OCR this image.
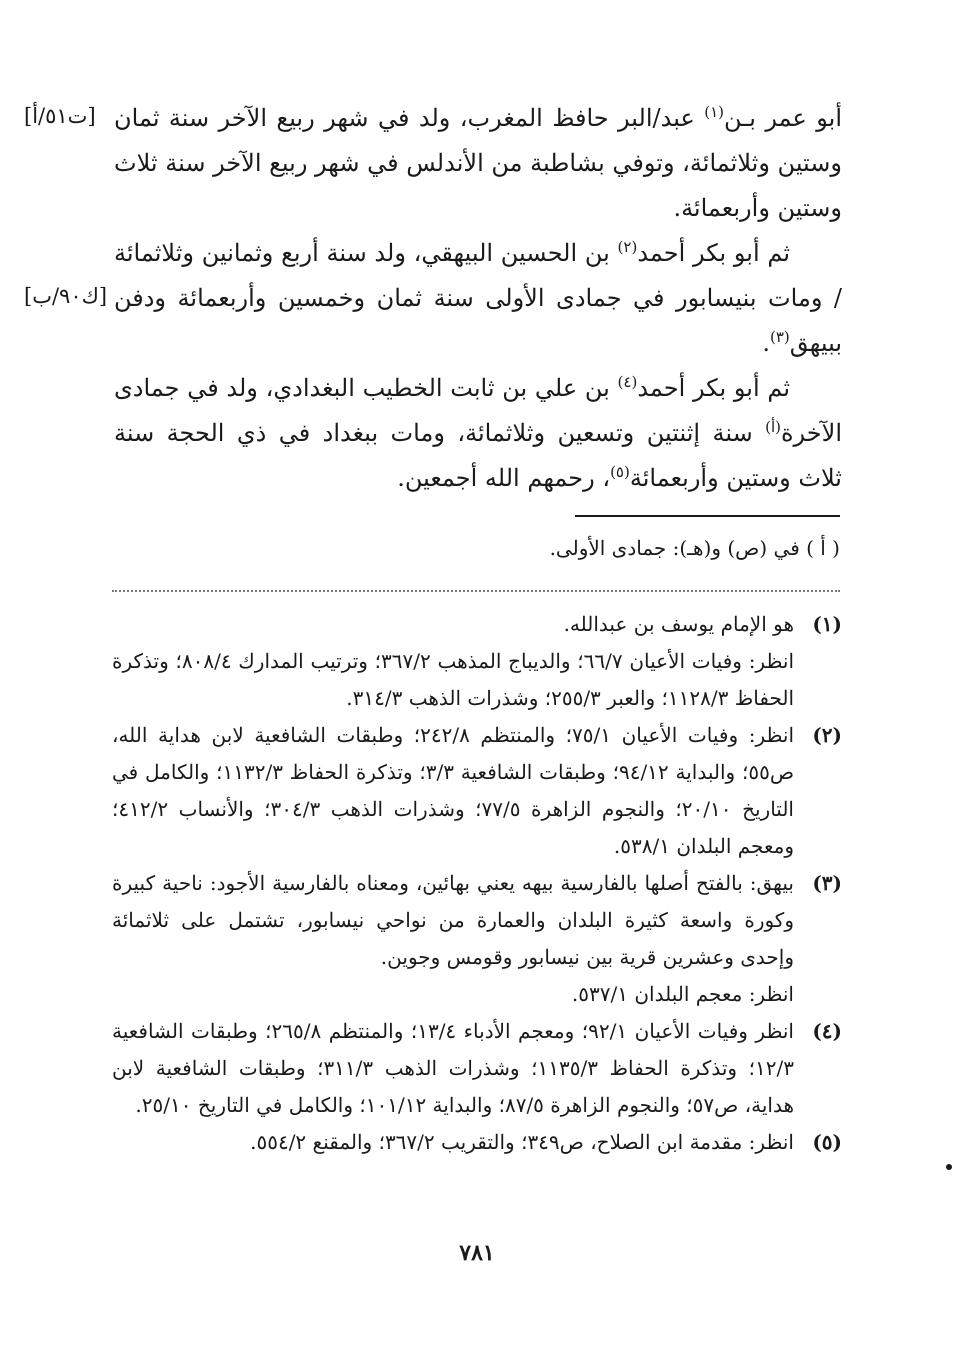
[ت٥١/أ]
[ك٩٠/ب]

أبو عمر بـن$^{(١)}$ عبد/البر حافظ المغرب، ولد في شهر ربيع الآخر سنة ثمان وستين وثلاثمائة، وتوفي بشاطبة من الأندلس في شهر ربيع الآخر سنة ثلاث وستين وأربعمائة.

ثم أبو بكر أحمد$^{(٢)}$ بن الحسين البيهقي، ولد سنة أربع وثمانين وثلاثمائة / ومات بنيسابور في جمادى الأولى سنة ثمان وخمسين وأربعمائة ودفن ببيهق$^{(٣)}$.

ثم أبو بكر أحمد$^{(٤)}$ بن علي بن ثابت الخطيب البغدادي، ولد في جمادى الآخرة$^{(أ)}$ سنة إثنتين وتسعين وثلاثمائة، ومات ببغداد في ذي الحجة سنة ثلاث وستين وأربعمائة$^{(٥)}$، رحمهم الله أجمعين.

( أ ) في (ص) و(هـ): جمادى الأولى.
(١)
هو الإمام يوسف بن عبدالله.
انظر: وفيات الأعيان ٦٦/٧؛ والديباج المذهب ٣٦٧/٢؛ وترتيب المدارك ٨٠٨/٤؛ وتذكرة الحفاظ ١١٢٨/٣؛ والعبر ٢٥٥/٣؛ وشذرات الذهب ٣١٤/٣.
(٢)
انظر: وفيات الأعيان ٧٥/١؛ والمنتظم ٢٤٢/٨؛ وطبقات الشافعية لابن هداية الله، ص٥٥؛ والبداية ٩٤/١٢؛ وطبقات الشافعية ٣/٣؛ وتذكرة الحفاظ ١١٣٢/٣؛ والكامل في التاريخ ٢٠/١٠؛ والنجوم الزاهرة ٧٧/٥؛ وشذرات الذهب ٣٠٤/٣؛ والأنساب ٤١٢/٢؛ ومعجم البلدان ٥٣٨/١.
(٣)
بيهق: بالفتح أصلها بالفارسية بيهه يعني بهائين، ومعناه بالفارسية الأجود: ناحية كبيرة وكورة واسعة كثيرة البلدان والعمارة من نواحي نيسابور، تشتمل على ثلاثمائة وإحدى وعشرين قرية بين نيسابور وقومس وجوين.
انظر: معجم البلدان ٥٣٧/١.
(٤)
انظر وفيات الأعيان ٩٢/١؛ ومعجم الأدباء ١٣/٤؛ والمنتظم ٢٦٥/٨؛ وطبقات الشافعية ١٢/٣؛ وتذكرة الحفاظ ١١٣٥/٣؛ وشذرات الذهب ٣١١/٣؛ وطبقات الشافعية لابن هداية، ص٥٧؛ والنجوم الزاهرة ٨٧/٥؛ والبداية ١٠١/١٢؛ والكامل في التاريخ ٢٥/١٠.
(٥)
انظر: مقدمة ابن الصلاح، ص٣٤٩؛ والتقريب ٣٦٧/٢؛ والمقنع ٥٥٤/٢.
٧٨١
